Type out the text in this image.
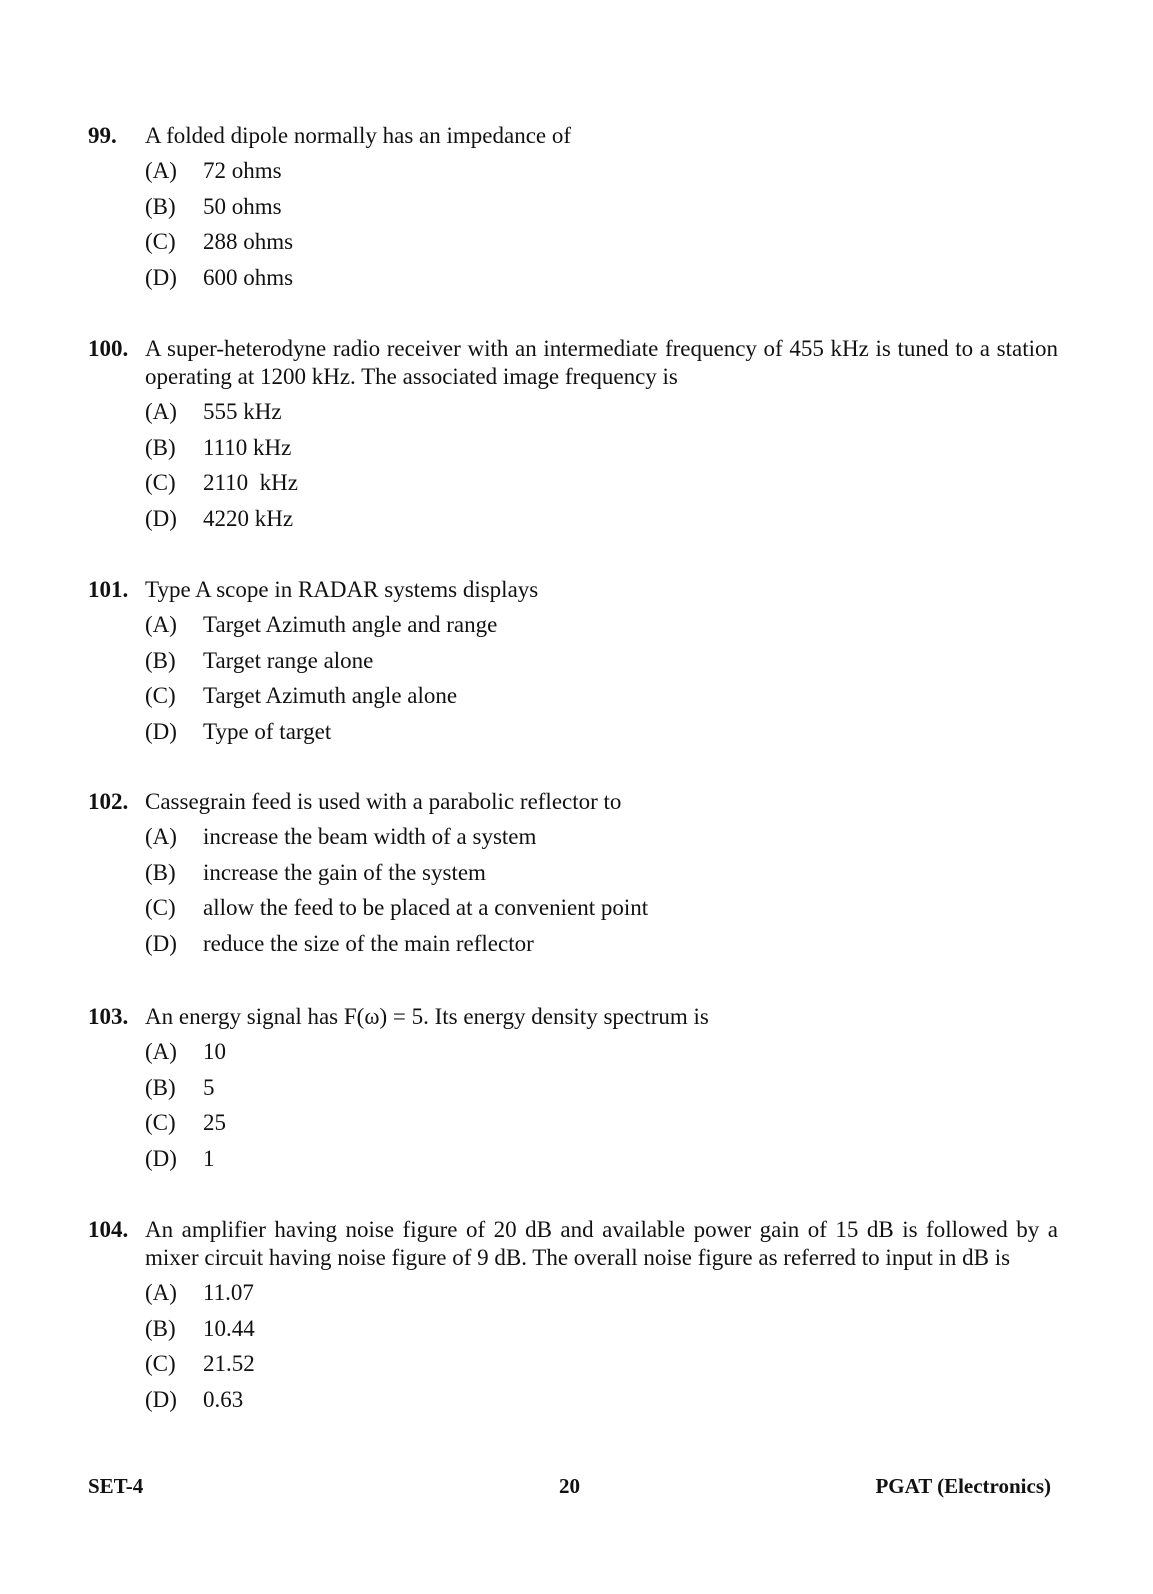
99. A folded dipole normally has an impedance of
(A)	72 ohms
(B)	50 ohms
(C)	288 ohms
(D)	600 ohms
100. A super-heterodyne radio receiver with an intermediate frequency of 455 kHz is tuned to a station operating at 1200 kHz. The associated image frequency is
(A)	555 kHz
(B)	1110 kHz
(C)	2110  kHz
(D)	4220 kHz
101. Type A scope in RADAR systems displays
(A)	Target Azimuth angle and range
(B)	Target range alone
(C)	Target Azimuth angle alone
(D)	Type of target
102. Cassegrain feed is used with a parabolic reflector to
(A)	increase the beam width of a system
(B)	increase the gain of the system
(C)	allow the feed to be placed at a convenient point
(D)	reduce the size of the main reflector
103. An energy signal has F(ω) = 5. Its energy density spectrum is
(A)	10
(B)	5
(C)	25
(D)	1
104. An amplifier having noise figure of 20 dB and available power gain of 15 dB is followed by a mixer circuit having noise figure of 9 dB. The overall noise figure as referred to input in dB is
(A)	11.07
(B)	10.44
(C)	21.52
(D)	0.63
SET-4	20	PGAT (Electronics)
